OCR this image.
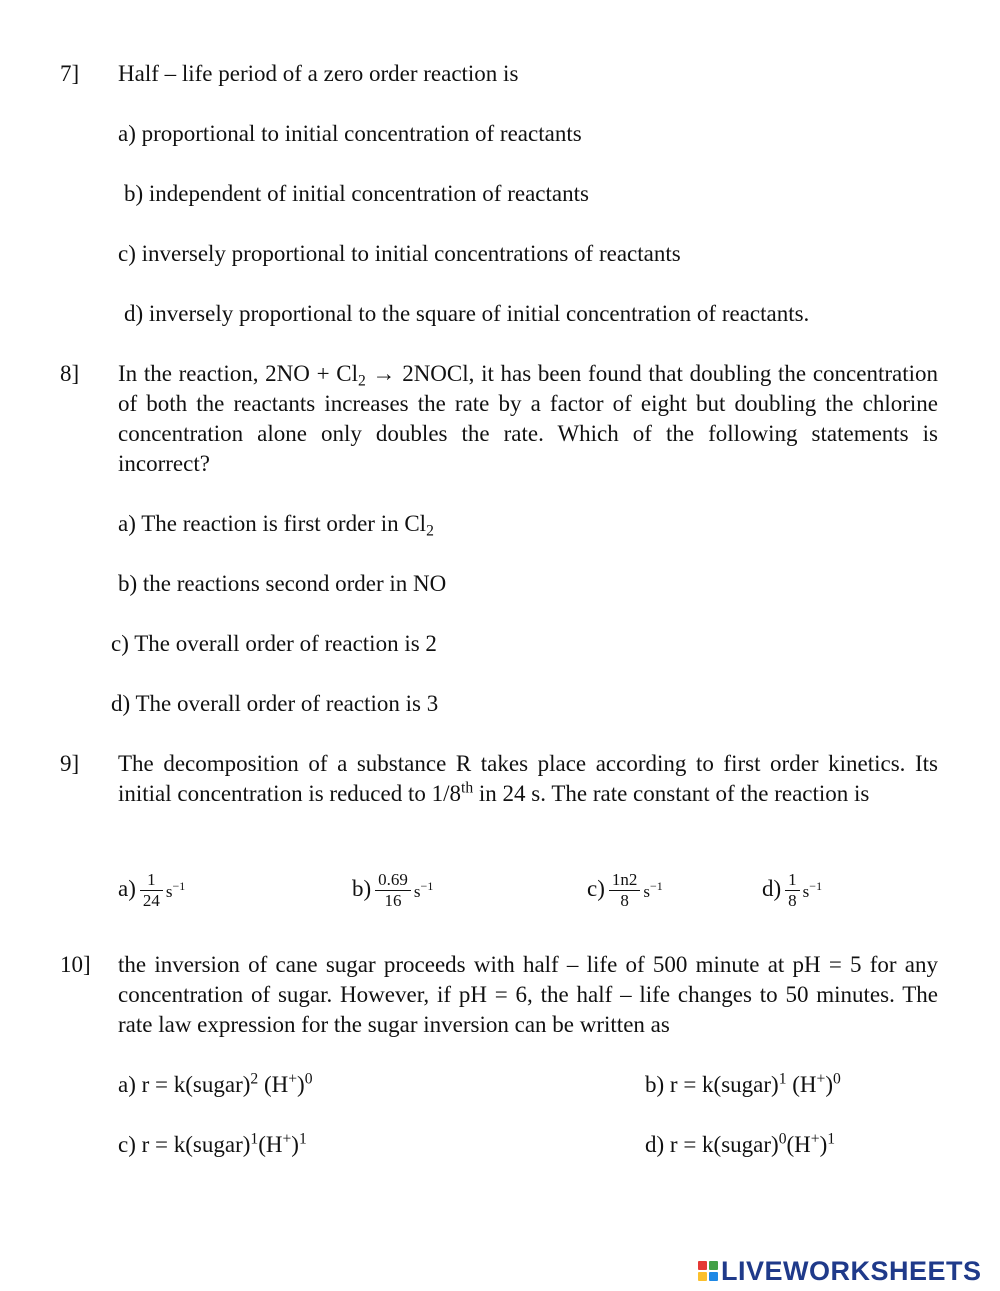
7] Half – life period of a zero order reaction is
a) proportional to initial concentration of reactants
b) independent of initial concentration of reactants
c) inversely proportional to initial concentrations of reactants
d) inversely proportional to the square of initial concentration of reactants.
8] In the reaction, $2NO + Cl_2$ → 2NOCl, it has been found that doubling the concentration of both the reactants increases the rate by a factor of eight but doubling the chlorine concentration alone only doubles the rate. Which of the following statements is incorrect?
a) The reaction is first order in $Cl_2$
b) the reactions second order in NO
c) The overall order of reaction is 2
d) The overall order of reaction is 3
9] The decomposition of a substance R takes place according to first order kinetics. Its initial concentration is reduced to 1/8th in 24 s. The rate constant of the reaction is
$a) \frac{1}{24} s^{-1}$	$b) \frac{0.69}{16} s^{-1}$	$c) \frac{1n2}{8} s^{-1}$	$d) \frac{1}{8} s^{-1}$
10] the inversion of cane sugar proceeds with half – life of 500 minute at pH = 5 for any concentration of sugar. However, if pH = 6, the half – life changes to 50 minutes. The rate law expression for the sugar inversion can be written as
a) r = k(sugar)$^2$ $(H^+)^0$	b) r = k(sugar)$^1$ $(H^+)^0$
c) $r = k(sugar)^1(H^+)^1$	d) $r = k(sugar)^0(H^+)^1$
LIVEWORKSHEETS
